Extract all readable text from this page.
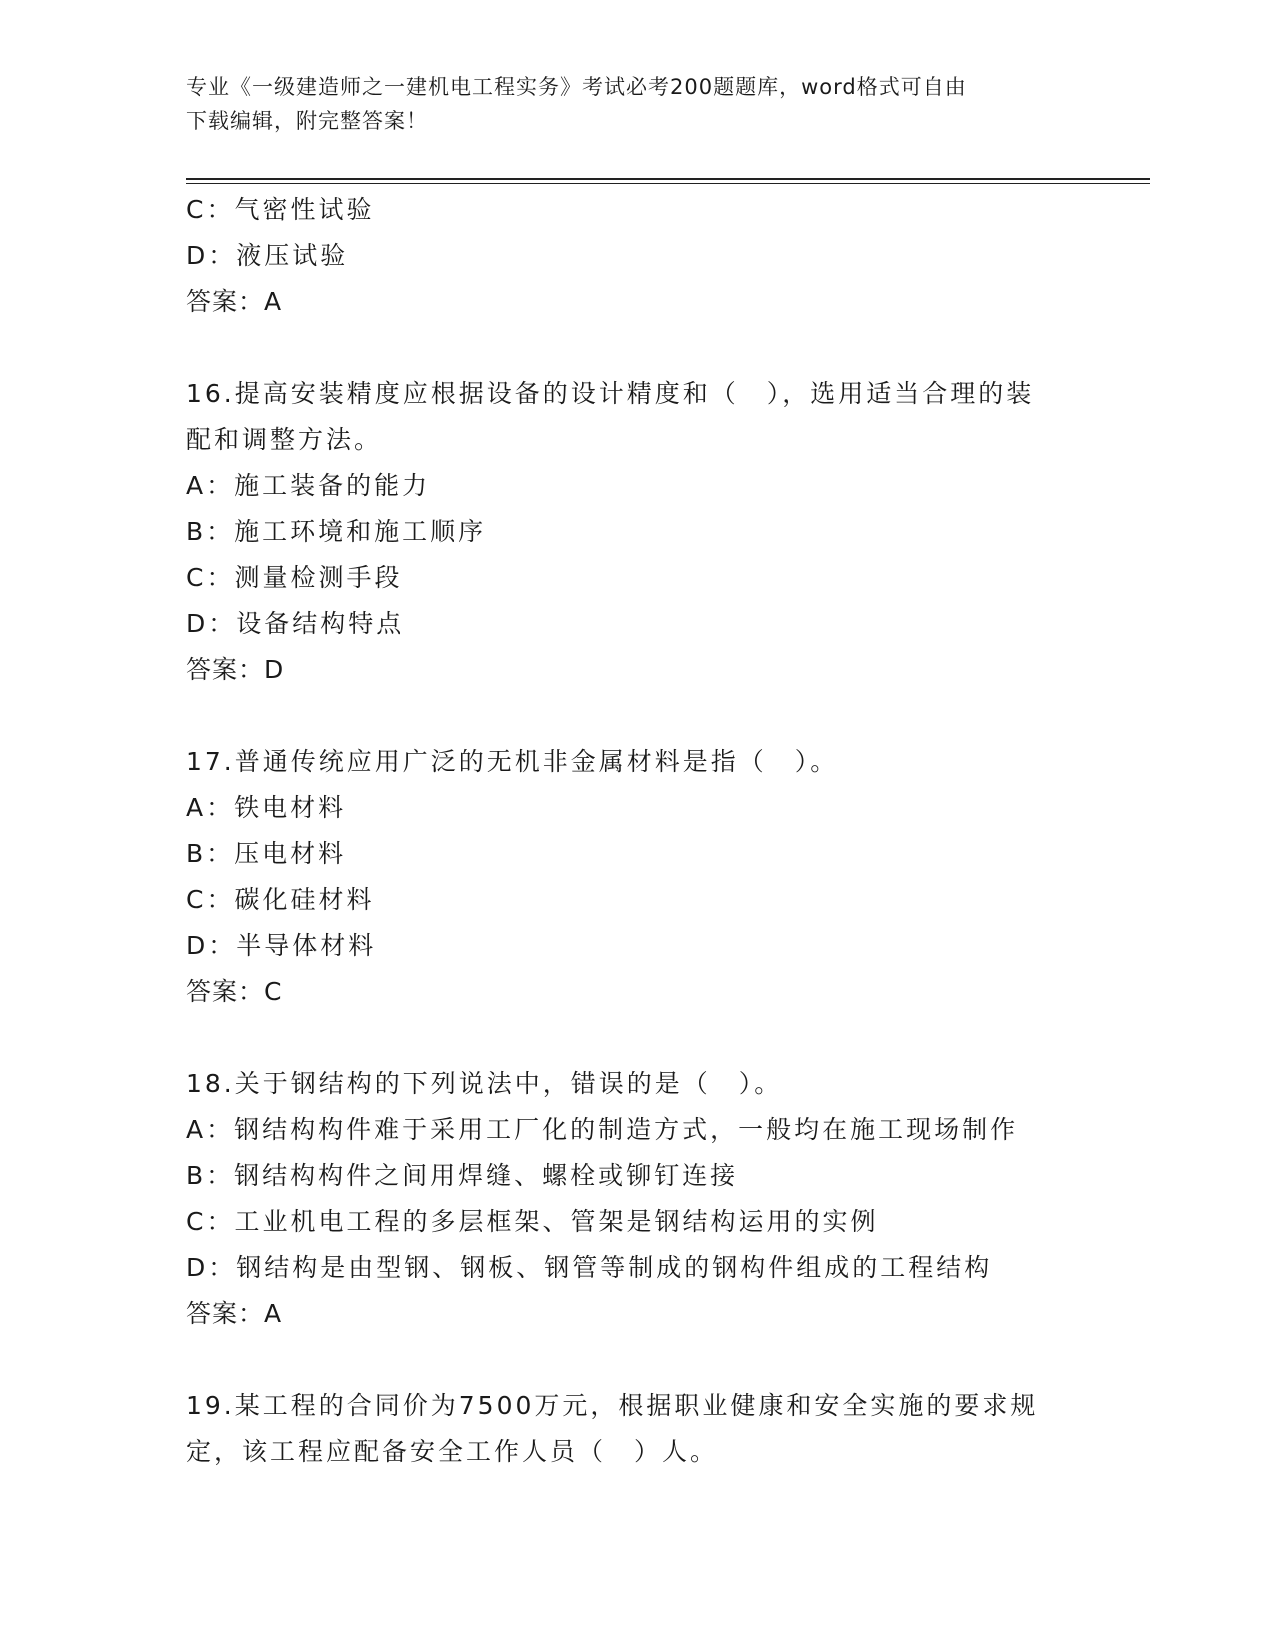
专业《一级建造师之一建机电工程实务》考试必考200题题库，word格式可自由
下载编辑，附完整答案！
C：气密性试验
D：液压试验
答案：A
16.提高安装精度应根据设备的设计精度和（　），选用适当合理的装
配和调整方法。
A：施工装备的能力
B：施工环境和施工顺序
C：测量检测手段
D：设备结构特点
答案：D
17.普通传统应用广泛的无机非金属材料是指（　）。
A：铁电材料
B：压电材料
C：碳化硅材料
D：半导体材料
答案：C
18.关于钢结构的下列说法中，错误的是（　）。
A：钢结构构件难于采用工厂化的制造方式，一般均在施工现场制作
B：钢结构构件之间用焊缝、螺栓或铆钉连接
C：工业机电工程的多层框架、管架是钢结构运用的实例
D：钢结构是由型钢、钢板、钢管等制成的钢构件组成的工程结构
答案：A
19.某工程的合同价为7500万元，根据职业健康和安全实施的要求规
定，该工程应配备安全工作人员（　）人。
